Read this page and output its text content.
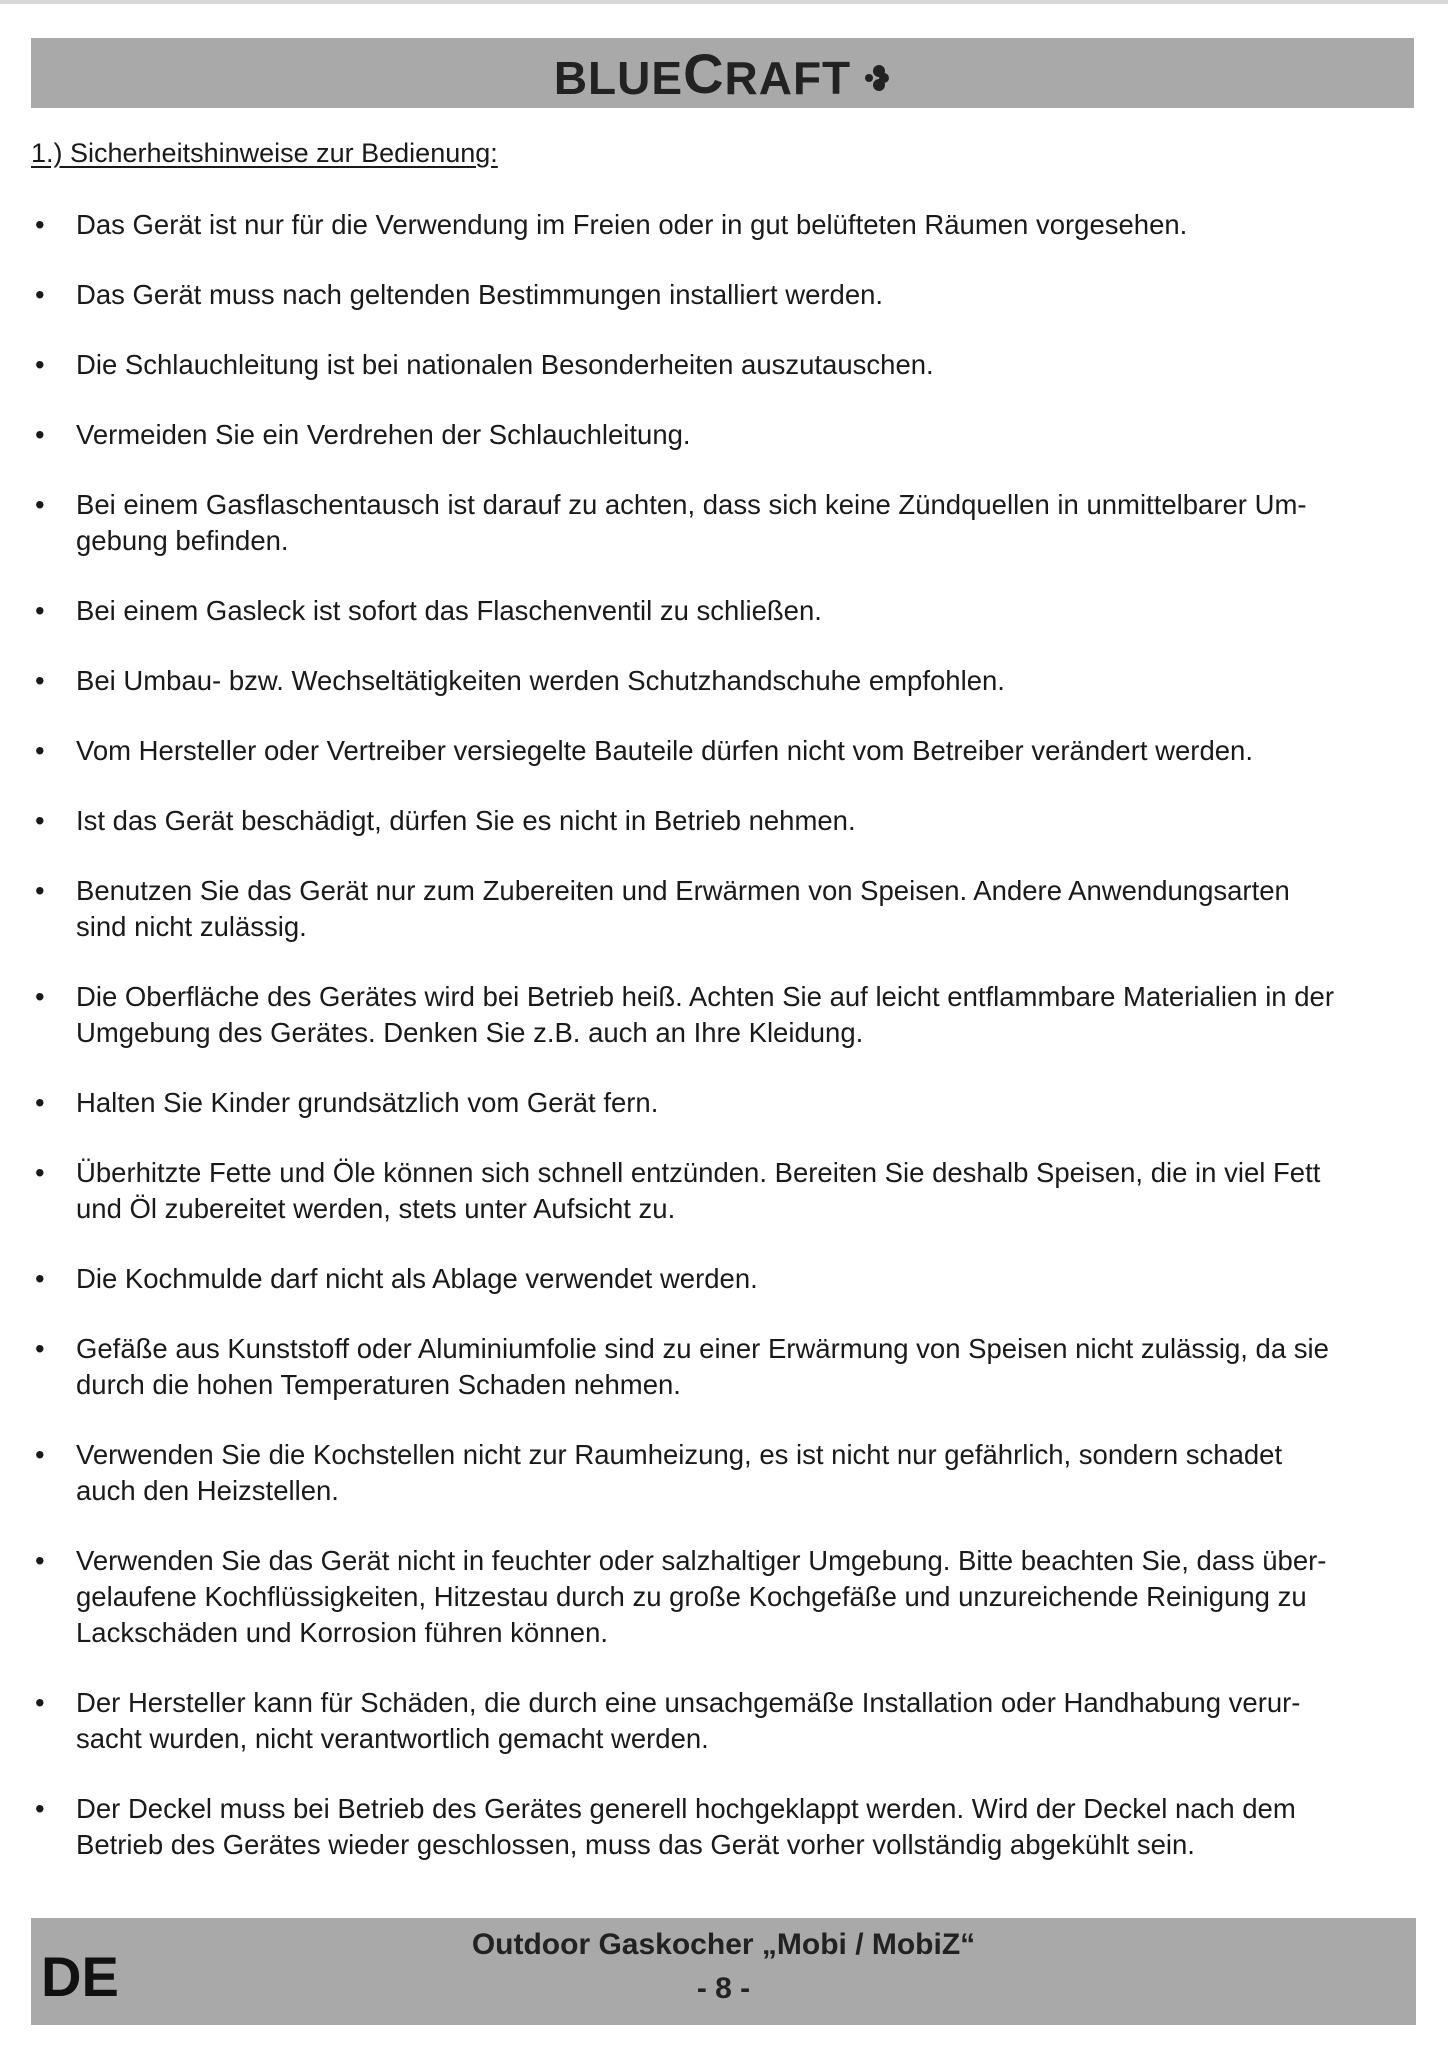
BLUE C RAFT
1.) Sicherheitshinweise zur Bedienung:
•	Das Gerät ist nur für die Verwendung im Freien oder in gut belüfteten Räumen vorgesehen.
•	Das Gerät muss nach geltenden Bestimmungen installiert werden.
•	Die Schlauchleitung ist bei nationalen Besonderheiten auszutauschen.
•	Vermeiden Sie ein Verdrehen der Schlauchleitung.
•	Bei einem Gasflaschentausch ist darauf zu achten, dass sich keine Zündquellen in unmittelbarer Um-
gebung befinden.
•	Bei einem Gasleck ist sofort das Flaschenventil zu schließen.
•	Bei Umbau- bzw. Wechseltätigkeiten werden Schutzhandschuhe empfohlen.
•	Vom Hersteller oder Vertreiber versiegelte Bauteile dürfen nicht vom Betreiber verändert werden.
•	Ist das Gerät beschädigt, dürfen Sie es nicht in Betrieb nehmen.
•	Benutzen Sie das Gerät nur zum Zubereiten und Erwärmen von Speisen. Andere Anwendungsarten
sind nicht zulässig.
•	Die Oberfläche des Gerätes wird bei Betrieb heiß. Achten Sie auf leicht entflammbare Materialien in der
Umgebung des Gerätes. Denken Sie z.B. auch an Ihre Kleidung.
•	Halten Sie Kinder grundsätzlich vom Gerät fern.
•	Überhitzte Fette und Öle können sich schnell entzünden. Bereiten Sie deshalb Speisen, die in viel Fett
und Öl zubereitet werden, stets unter Aufsicht zu.
•	Die Kochmulde darf nicht als Ablage verwendet werden.
•	Gefäße aus Kunststoff oder Aluminiumfolie sind zu einer Erwärmung von Speisen nicht zulässig, da sie
durch die hohen Temperaturen Schaden nehmen.
•	Verwenden Sie die Kochstellen nicht zur Raumheizung, es ist nicht nur gefährlich, sondern schadet
auch den Heizstellen.
•	Verwenden Sie das Gerät nicht in feuchter oder salzhaltiger Umgebung. Bitte beachten Sie, dass über-
gelaufene Kochflüssigkeiten, Hitzestau durch zu große Kochgefäße und unzureichende Reinigung zu
Lackschäden und Korrosion führen können.
•	Der Hersteller kann für Schäden, die durch eine unsachgemäße Installation oder Handhabung verur-
sacht wurden, nicht verantwortlich gemacht werden.
•	Der Deckel muss bei Betrieb des Gerätes generell hochgeklappt werden. Wird der Deckel nach dem
Betrieb des Gerätes wieder geschlossen, muss das Gerät vorher vollständig abgekühlt sein.
DE
Outdoor Gaskocher „Mobi / MobiZ“
- 8 -
